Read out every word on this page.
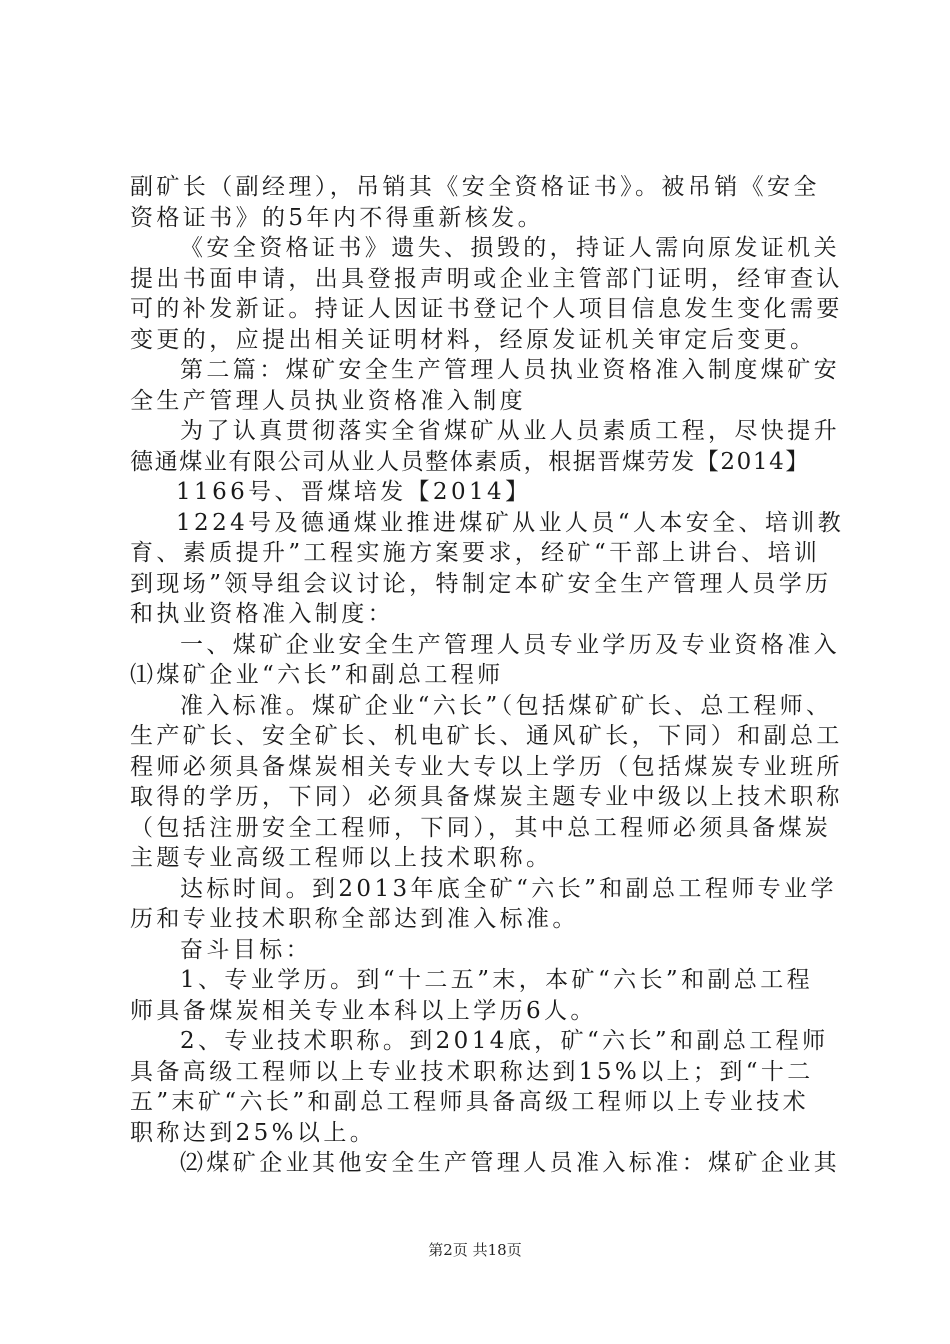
副矿长（副经理），吊销其《安全资格证书》。被吊销《安全
资格证书》的5年内不得重新核发。
《安全资格证书》遗失、损毁的，持证人需向原发证机关
提出书面申请，出具登报声明或企业主管部门证明，经审查认
可的补发新证。持证人因证书登记个人项目信息发生变化需要
变更的，应提出相关证明材料，经原发证机关审定后变更。
第二篇：煤矿安全生产管理人员执业资格准入制度煤矿安
全生产管理人员执业资格准入制度
为了认真贯彻落实全省煤矿从业人员素质工程，尽快提升
德通煤业有限公司从业人员整体素质，根据晋煤劳发【2014】
1166号、晋煤培发【2014】
1224号及德通煤业推进煤矿从业人员“人本安全、培训教
育、素质提升”工程实施方案要求，经矿“干部上讲台、培训
到现场”领导组会议讨论，特制定本矿安全生产管理人员学历
和执业资格准入制度：
一、煤矿企业安全生产管理人员专业学历及专业资格准入
⑴煤矿企业“六长”和副总工程师
准入标准。煤矿企业“六长”（包括煤矿矿长、总工程师、
生产矿长、安全矿长、机电矿长、通风矿长，下同）和副总工
程师必须具备煤炭相关专业大专以上学历（包括煤炭专业班所
取得的学历，下同）必须具备煤炭主题专业中级以上技术职称
（包括注册安全工程师，下同），其中总工程师必须具备煤炭
主题专业高级工程师以上技术职称。
达标时间。到2013年底全矿“六长”和副总工程师专业学
历和专业技术职称全部达到准入标准。
奋斗目标：
1、专业学历。到“十二五”末，本矿“六长”和副总工程
师具备煤炭相关专业本科以上学历6人。
2、专业技术职称。到2014底，矿“六长”和副总工程师
具备高级工程师以上专业技术职称达到15%以上；到“十二
五”末矿“六长”和副总工程师具备高级工程师以上专业技术
职称达到25%以上。
⑵煤矿企业其他安全生产管理人员准入标准：煤矿企业其
第2页 共18页
